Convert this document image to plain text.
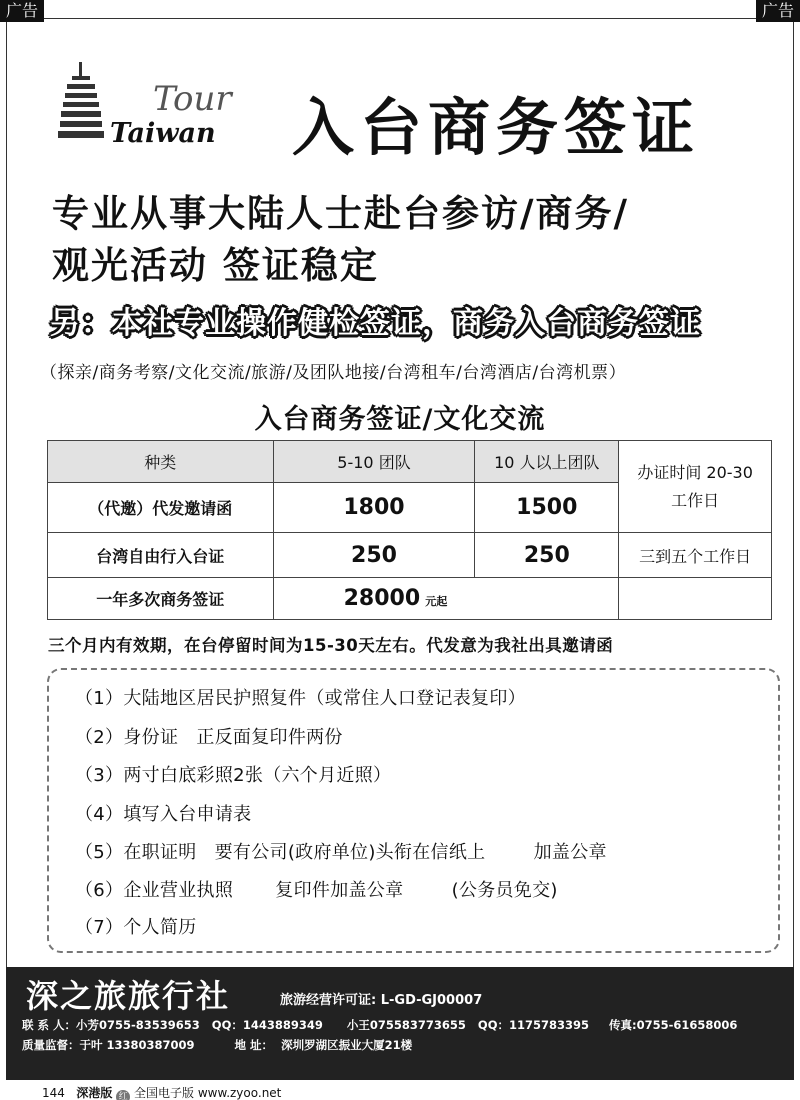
广告	广告
Tour
Taiwan 入台商务签证
专业从事大陆人士赴台参访/商务/
观光活动 签证稳定
另：本社专业操作健检签证，商务入台商务签证
（探亲/商务考察/文化交流/旅游/及团队地接/台湾租车/台湾酒店/台湾机票）
入台商务签证/文化交流
种类	5-10 团队	10 人以上团队	办证时间 20-30
工作日

（代邀）代发邀请函	1800	1500	
台湾自由行入台证	250	250	三到五个工作日
一年多次商务签证	28000 元起		
三个月内有效期，在台停留时间为15-30天左右。代发意为我社出具邀请函
（1）大陆地区居民护照复件（或常住人口登记表复印）
（2）身份证   正反面复印件两份
（3）两寸白底彩照2张（六个月近照）
（4）填写入台申请表
（5）在职证明   要有公司(政府单位)头衔在信纸上        加盖公章
（6）企业营业执照       复印件加盖公章        (公务员免交)
（7）个人简历
深之旅旅行社	旅游经营许可证: L-GD-GJ00007
联 系 人：小芳0755-83539653   QQ：1443889349      小王075583773655   QQ：1175783395     传真:0755-61658006
质量监督：于叶 13380387009          地 址：  深圳罗湖区振业大厦21楼
144 深港版 红 全国电子版 www.zyoo.net
